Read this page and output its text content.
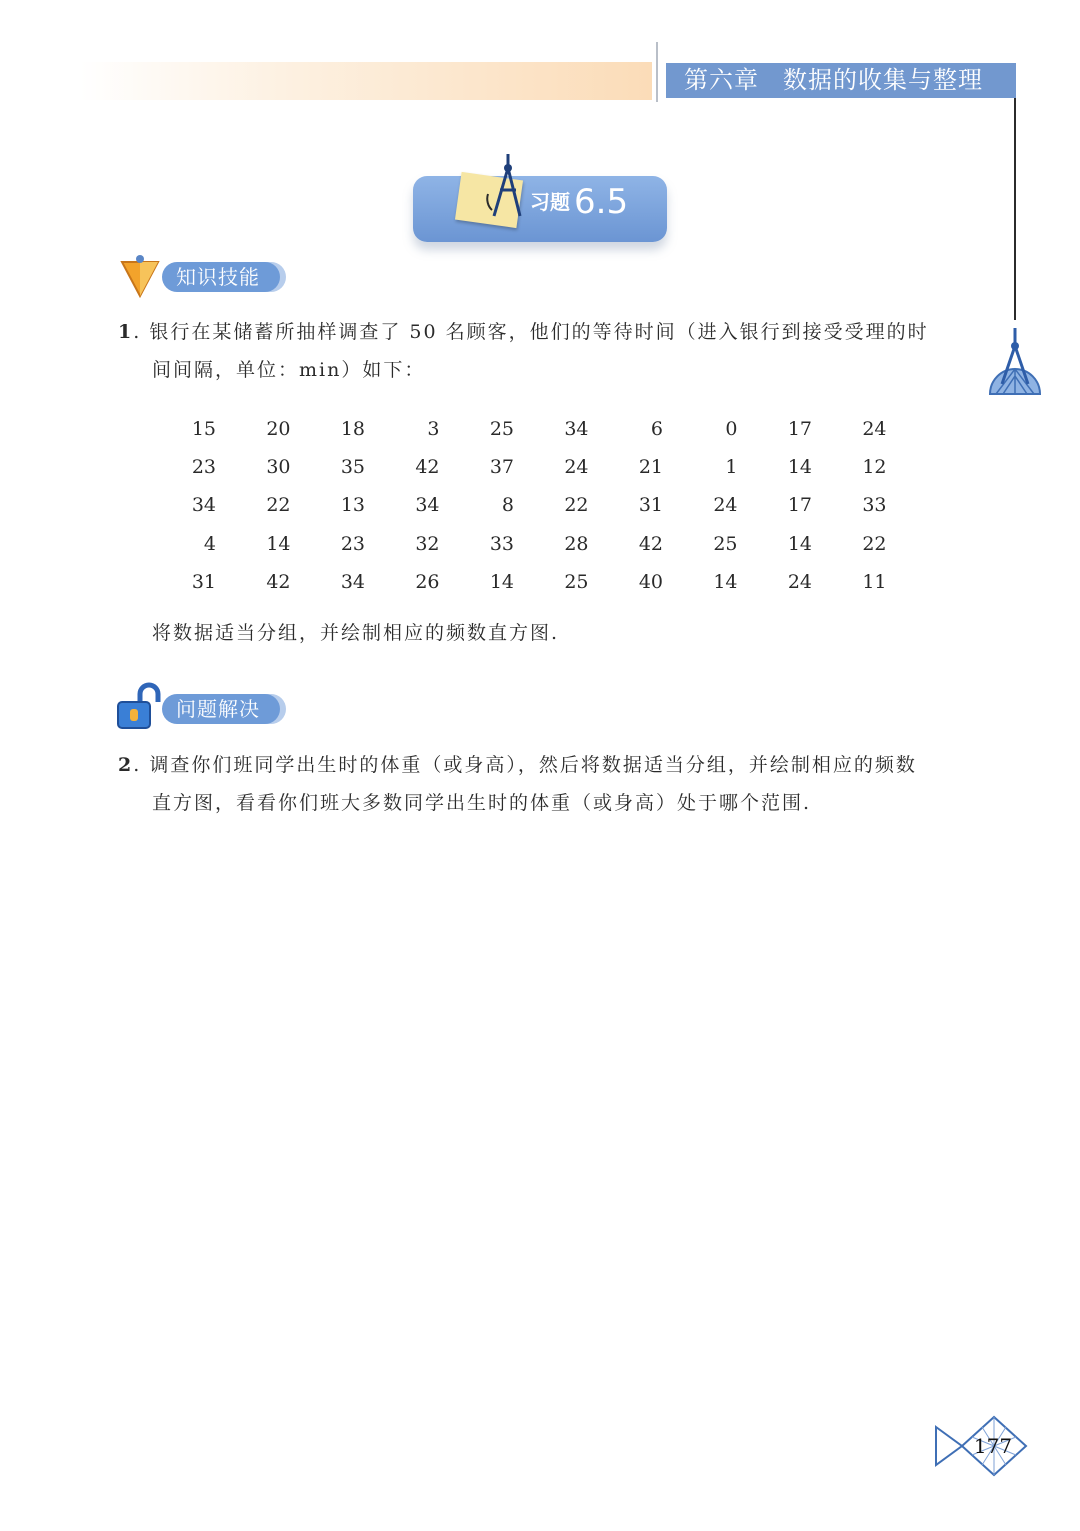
第六章 数据的收集与整理
习题 6.5
知识技能
1. 银行在某储蓄所抽样调查了 50 名顾客，他们的等待时间（进入银行到接受受理的时
间间隔，单位：min）如下：
15	20	18	3	25	34	6	0	17	24
23	30	35	42	37	24	21	1	14	12
34	22	13	34	8	22	31	24	17	33
4	14	23	32	33	28	42	25	14	22
31	42	34	26	14	25	40	14	24	11
将数据适当分组，并绘制相应的频数直方图.
问题解决
2. 调查你们班同学出生时的体重（或身高），然后将数据适当分组，并绘制相应的频数
直方图，看看你们班大多数同学出生时的体重（或身高）处于哪个范围.
177
